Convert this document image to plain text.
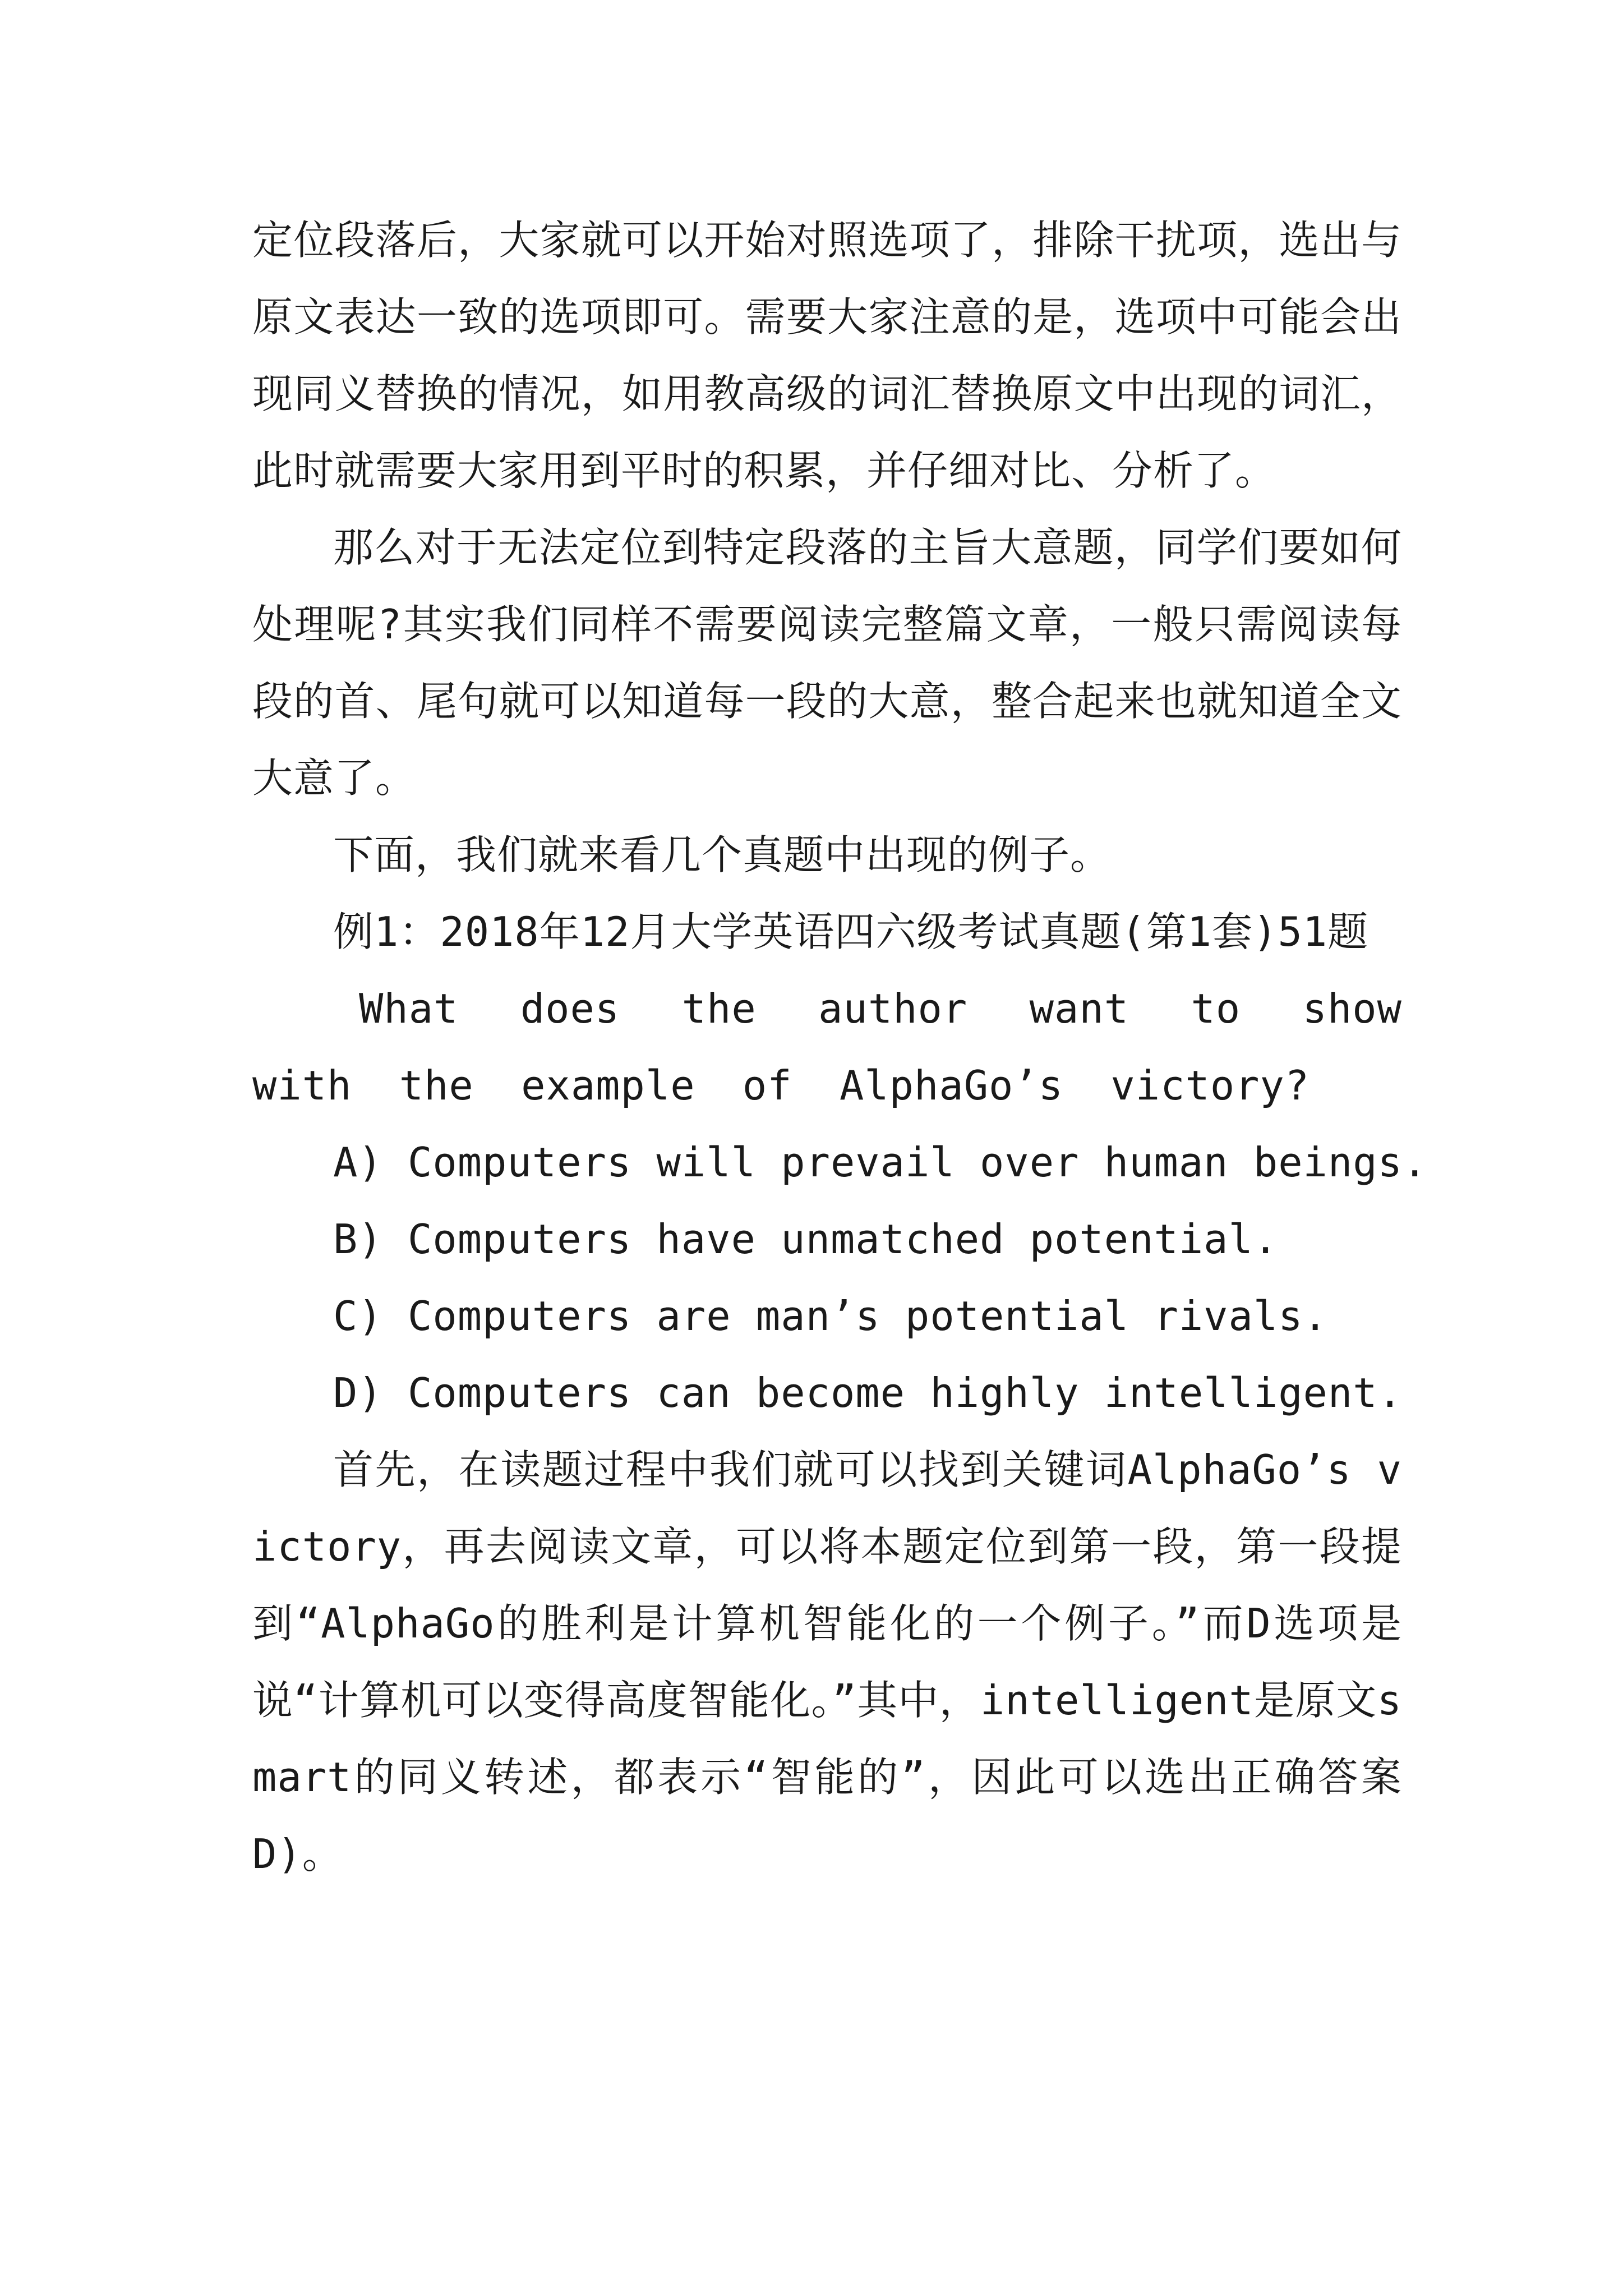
定位段落后，大家就可以开始对照选项了，排除干扰项，选出与原文表达一致的选项即可。需要大家注意的是，选项中可能会出现同义替换的情况，如用教高级的词汇替换原文中出现的词汇，此时就需要大家用到平时的积累，并仔细对比、分析了。

那么对于无法定位到特定段落的主旨大意题，同学们要如何处理呢?其实我们同样不需要阅读完整篇文章，一般只需阅读每段的首、尾句就可以知道每一段的大意，整合起来也就知道全文大意了。

下面，我们就来看几个真题中出现的例子。

例1：2018年12月大学英语四六级考试真题(第1套)51题

What does the author want to show with the example of AlphaGo’s victory?

A) Computers will prevail over human beings.

B) Computers have unmatched potential.

C) Computers are man’s potential rivals.

D) Computers can become highly intelligent.

首先，在读题过程中我们就可以找到关键词AlphaGo’s victory，再去阅读文章，可以将本题定位到第一段，第一段提到“AlphaGo的胜利是计算机智能化的一个例子。”而D选项是说“计算机可以变得高度智能化。”其中，intelligent是原文smart的同义转述，都表示“智能的”，因此可以选出正确答案D)。
